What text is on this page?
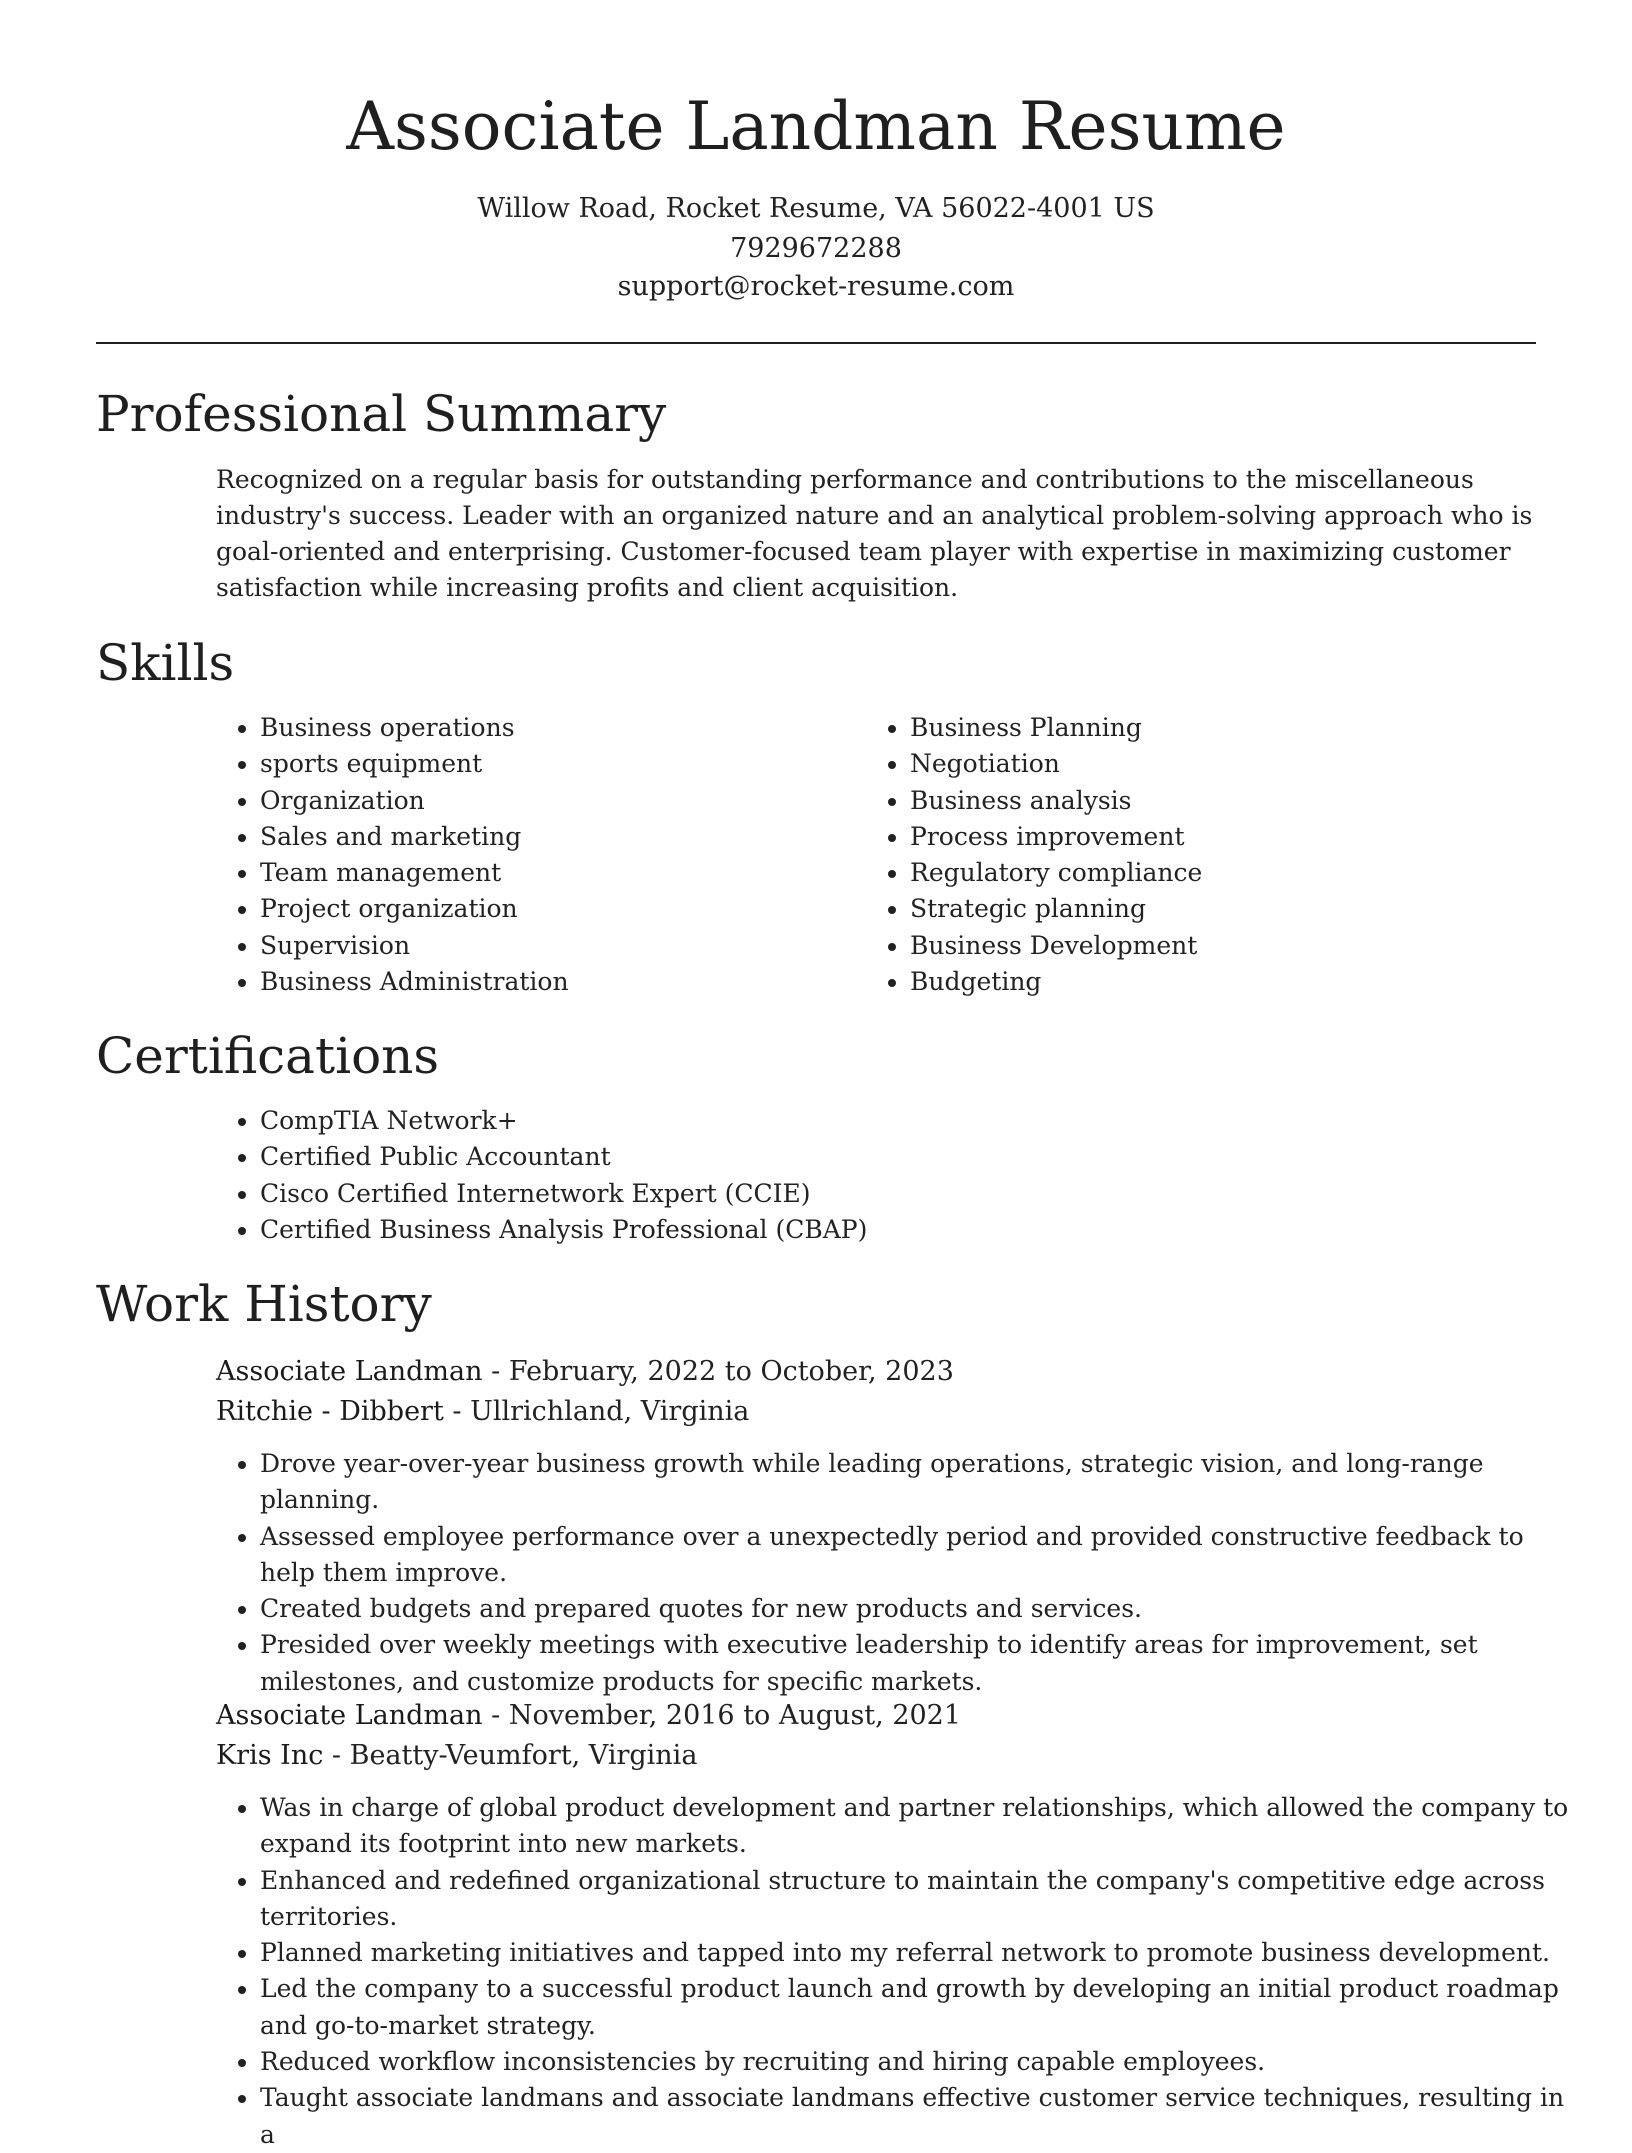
Associate Landman Resume
Willow Road, Rocket Resume, VA 56022-4001 US
7929672288
support@rocket-resume.com
Professional Summary

Recognized on a regular basis for outstanding performance and contributions to the miscellaneous industry's success. Leader with an organized nature and an analytical problem-solving approach who is goal-oriented and enterprising. Customer-focused team player with expertise in maximizing customer satisfaction while increasing profits and client acquisition.

Skills
• Business operations
• sports equipment
• Organization
• Sales and marketing
• Team management
• Project organization
• Supervision
• Business Administration
• Business Planning
• Negotiation
• Business analysis
• Process improvement
• Regulatory compliance
• Strategic planning
• Business Development
• Budgeting
Certifications
• CompTIA Network+
• Certified Public Accountant
• Cisco Certified Internetwork Expert (CCIE)
• Certified Business Analysis Professional (CBAP)
Work History
Associate Landman - February, 2022 to October, 2023
Ritchie - Dibbert - Ullrichland, Virginia
• Drove year-over-year business growth while leading operations, strategic vision, and long-range planning.
• Assessed employee performance over a unexpectedly period and provided constructive feedback to help them improve.
• Created budgets and prepared quotes for new products and services.
• Presided over weekly meetings with executive leadership to identify areas for improvement, set milestones, and customize products for specific markets.
Associate Landman - November, 2016 to August, 2021
Kris Inc - Beatty-Veumfort, Virginia
• Was in charge of global product development and partner relationships, which allowed the company to expand its footprint into new markets.
• Enhanced and redefined organizational structure to maintain the company's competitive edge across territories.
• Planned marketing initiatives and tapped into my referral network to promote business development.
• Led the company to a successful product launch and growth by developing an initial product roadmap and go-to-market strategy.
• Reduced workflow inconsistencies by recruiting and hiring capable employees.
• Taught associate landmans and associate landmans effective customer service techniques, resulting in a
